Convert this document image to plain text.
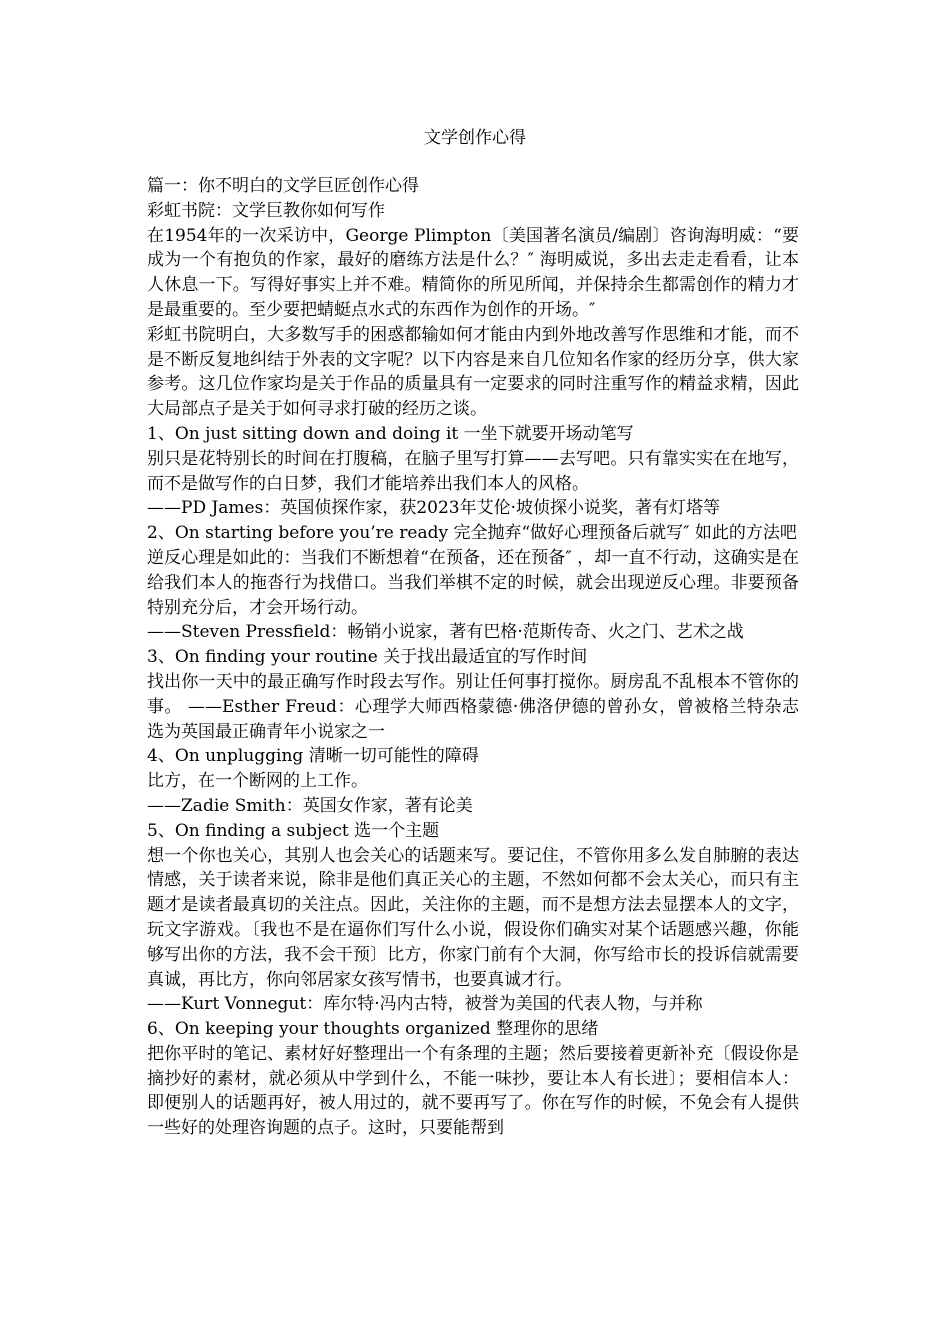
文学创作心得

篇一：你不明白的文学巨匠创作心得

彩虹书院：文学巨教你如何写作

在1954年的一次采访中，George Plimpton〔美国著名演员/编剧〕咨询海明威：“要成为一个有抱负的作家，最好的磨练方法是什么？″ 海明威说，多出去走走看看，让本人休息一下。写得好事实上并不难。精简你的所见所闻，并保持余生都需创作的精力才是最重要的。至少要把蜻蜓点水式的东西作为创作的开场。″

彩虹书院明白，大多数写手的困惑都输如何才能由内到外地改善写作思维和才能，而不是不断反复地纠结于外表的文字呢？以下内容是来自几位知名作家的经历分享，供大家参考。这几位作家均是关于作品的质量具有一定要求的同时注重写作的精益求精，因此大局部点子是关于如何寻求打破的经历之谈。

1、On just sitting down and doing it 一坐下就要开场动笔写

别只是花特别长的时间在打腹稿，在脑子里写打算——去写吧。只有靠实实在在地写，而不是做写作的白日梦，我们才能培养出我们本人的风格。

——PD James：英国侦探作家，获2023年艾伦·坡侦探小说奖，著有灯塔等

2、On starting before you’re ready 完全抛弃“做好心理预备后就写″ 如此的方法吧

逆反心理是如此的：当我们不断想着“在预备，还在预备″ ，却一直不行动，这确实是在给我们本人的拖沓行为找借口。当我们举棋不定的时候，就会出现逆反心理。非要预备特别充分后，才会开场行动。

——Steven Pressfield：畅销小说家，著有巴格·范斯传奇、火之门、艺术之战

3、On finding your routine 关于找出最适宜的写作时间

找出你一天中的最正确写作时段去写作。别让任何事打搅你。厨房乱不乱根本不管你的事。 ——Esther Freud：心理学大师西格蒙德·佛洛伊德的曾孙女，曾被格兰特杂志选为英国最正确青年小说家之一

4、On unplugging 清晰一切可能性的障碍

比方，在一个断网的上工作。

——Zadie Smith：英国女作家，著有论美

5、On finding a subject 选一个主题

想一个你也关心，其别人也会关心的话题来写。要记住，不管你用多么发自肺腑的表达情感，关于读者来说，除非是他们真正关心的主题，不然如何都不会太关心，而只有主题才是读者最真切的关注点。因此，关注你的主题，而不是想方法去显摆本人的文字，玩文字游戏。〔我也不是在逼你们写什么小说，假设你们确实对某个话题感兴趣，你能够写出你的方法，我不会干预〕比方，你家门前有个大洞，你写给市长的投诉信就需要真诚，再比方，你向邻居家女孩写情书，也要真诚才行。

——Kurt Vonnegut：库尔特·冯内古特，被誉为美国的代表人物，与并称

6、On keeping your thoughts organized 整理你的思绪

把你平时的笔记、素材好好整理出一个有条理的主题；然后要接着更新补充〔假设你是摘抄好的素材，就必须从中学到什么，不能一味抄，要让本人有长进〕；要相信本人：即便别人的话题再好，被人用过的，就不要再写了。你在写作的时候，不免会有人提供一些好的处理咨询题的点子。这时，只要能帮到
